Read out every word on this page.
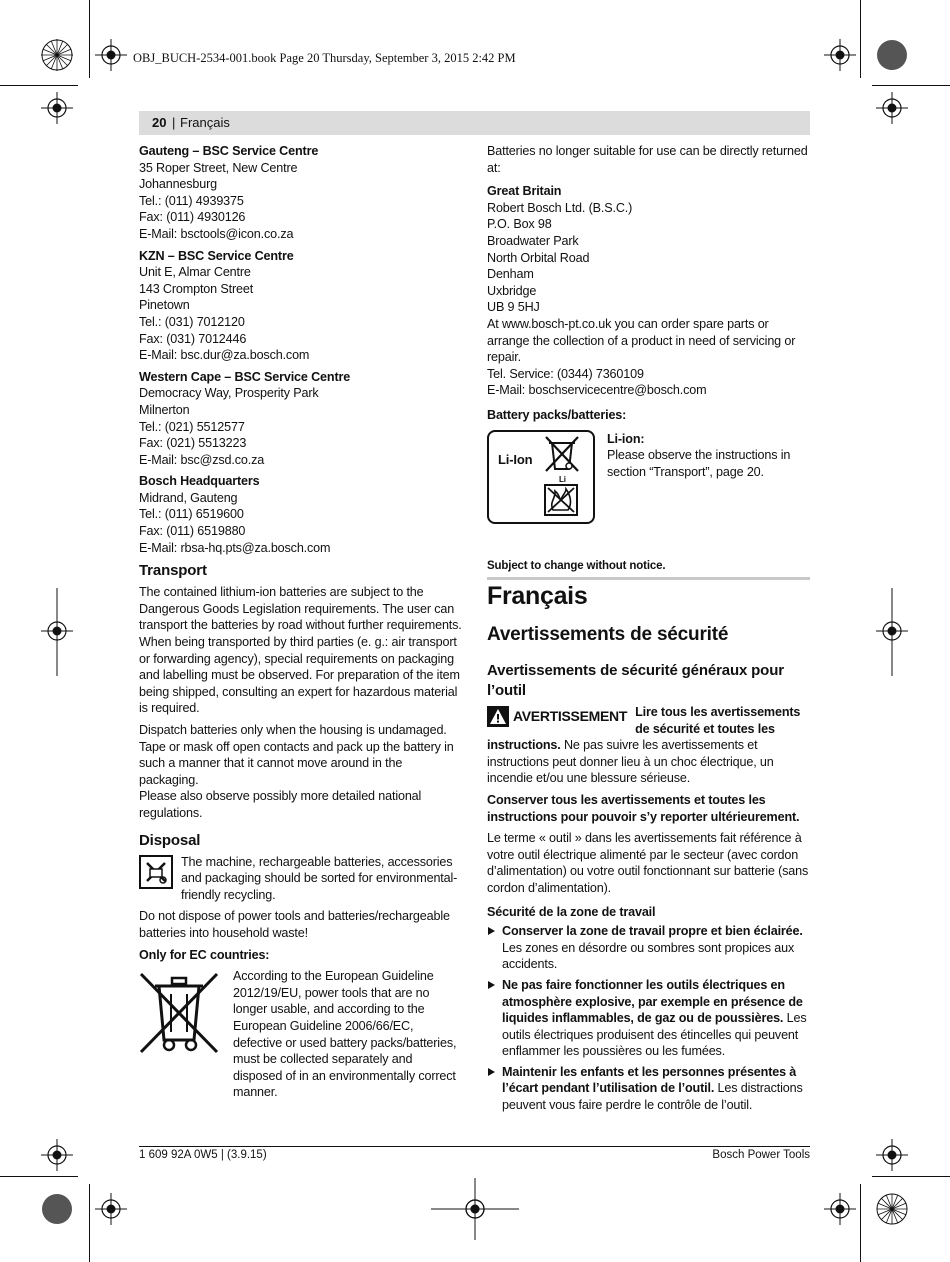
OBJ_BUCH-2534-001.book Page 20 Thursday, September 3, 2015 2:42 PM
20 | Français

Gauteng – BSC Service Centre

35 Roper Street, New Centre

Johannesburg

Tel.: (011) 4939375

Fax: (011) 4930126

E-Mail: bsctools@icon.co.za

KZN – BSC Service Centre

Unit E, Almar Centre

143 Crompton Street

Pinetown

Tel.: (031) 7012120

Fax: (031) 7012446

E-Mail: bsc.dur@za.bosch.com

Western Cape – BSC Service Centre

Democracy Way, Prosperity Park

Milnerton

Tel.: (021) 5512577

Fax: (021) 5513223

E-Mail: bsc@zsd.co.za

Bosch Headquarters

Midrand, Gauteng

Tel.: (011) 6519600

Fax: (011) 6519880

E-Mail: rbsa-hq.pts@za.bosch.com

Transport

The contained lithium-ion batteries are subject to the Dangerous Goods Legislation requirements. The user can transport the batteries by road without further requirements.

When being transported by third parties (e. g.: air transport or forwarding agency), special requirements on packaging and labelling must be observed. For preparation of the item being shipped, consulting an expert for hazardous material is required.

Dispatch batteries only when the housing is undamaged. Tape or mask off open contacts and pack up the battery in such a manner that it cannot move around in the packaging.

Please also observe possibly more detailed national regulations.

Disposal

The machine, rechargeable batteries, accessories and packaging should be sorted for environmental-friendly recycling.

Do not dispose of power tools and batteries/rechargeable batteries into household waste!

Only for EC countries:

According to the European Guideline 2012/19/EU, power tools that are no longer usable, and according to the European Guideline 2006/66/EC, defective or used battery packs/batteries, must be collected separately and disposed of in an environmentally correct manner.

Batteries no longer suitable for use can be directly returned at:

Great Britain

Robert Bosch Ltd. (B.S.C.)

P.O. Box 98

Broadwater Park

North Orbital Road

Denham

Uxbridge

UB 9 5HJ

At www.bosch-pt.co.uk you can order spare parts or arrange the collection of a product in need of servicing or repair.

Tel. Service: (0344) 7360109

E-Mail: boschservicecentre@bosch.com

Battery packs/batteries:

Li-Ion
Li

Li-ion:

Please observe the instructions in section “Transport”, page 20.

Subject to change without notice.

Français

Avertissements de sécurité

Avertissements de sécurité généraux pour l’outil

AVERTISSEMENT Lire tous les avertissements de sécurité et toutes les instructions. Ne pas suivre les avertissements et instructions peut donner lieu à un choc électrique, un incendie et/ou une blessure sérieuse.

Conserver tous les avertissements et toutes les instructions pour pouvoir s’y reporter ultérieurement.

Le terme « outil » dans les avertissements fait référence à votre outil électrique alimenté par le secteur (avec cordon d’alimentation) ou votre outil fonctionnant sur batterie (sans cordon d’alimentation).

Sécurité de la zone de travail

Conserver la zone de travail propre et bien éclairée. Les zones en désordre ou sombres sont propices aux accidents.

Ne pas faire fonctionner les outils électriques en atmosphère explosive, par exemple en présence de liquides inflammables, de gaz ou de poussières. Les outils électriques produisent des étincelles qui peuvent enflammer les poussières ou les fumées.

Maintenir les enfants et les personnes présentes à l’écart pendant l’utilisation de l’outil. Les distractions peuvent vous faire perdre le contrôle de l’outil.

1 609 92A 0W5 | (3.9.15)	Bosch Power Tools
